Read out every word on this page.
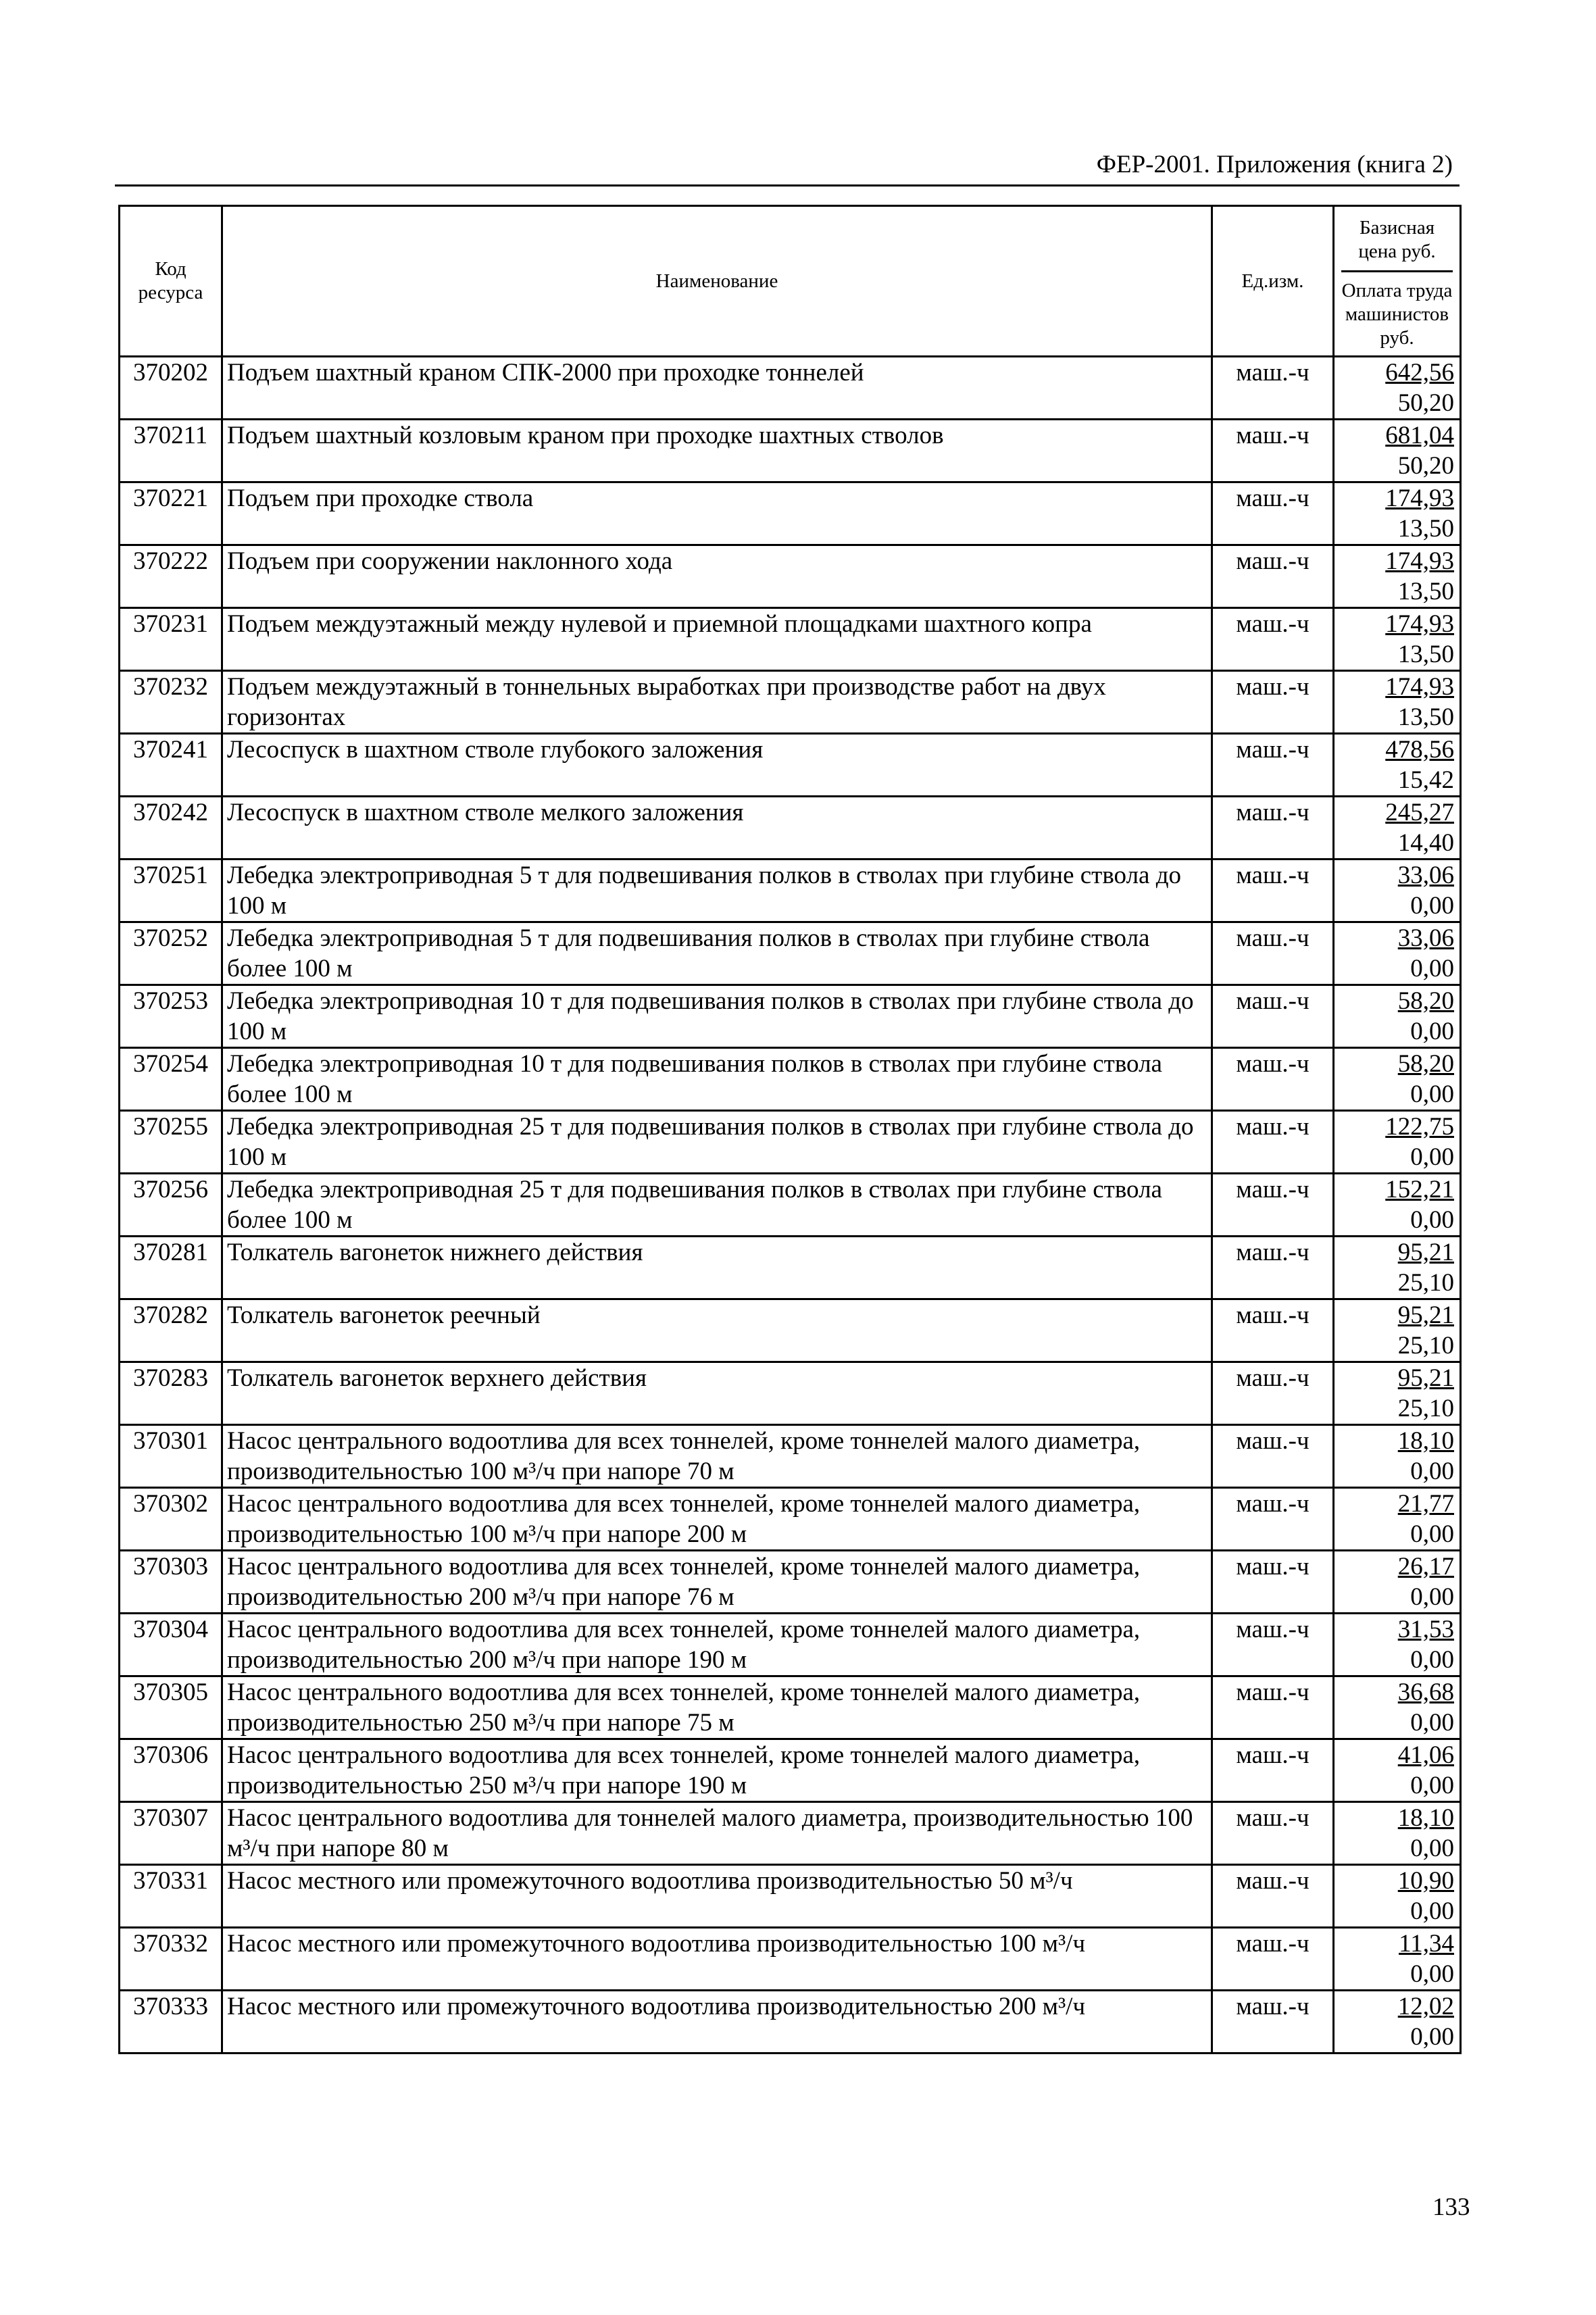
ФЕР-2001. Приложения (книга 2)
Код ресурса	Наименование	Ед.изм.	Базисная цена руб.
Оплата труда машинистов руб.

370202	Подъем шахтный краном СПК-2000 при проходке тоннелей	маш.-ч	642,56
50,20

370211	Подъем шахтный козловым краном при проходке шахтных стволов	маш.-ч	681,04
50,20

370221	Подъем при проходке ствола	маш.-ч	174,93
13,50

370222	Подъем при сооружении наклонного хода	маш.-ч	174,93
13,50

370231	Подъем междуэтажный между нулевой и приемной площадками шахтного копра	маш.-ч	174,93
13,50

370232	Подъем междуэтажный в тоннельных выработках при производстве работ на двух горизонтах	маш.-ч	174,93
13,50

370241	Лесоспуск в шахтном стволе глубокого заложения	маш.-ч	478,56
15,42

370242	Лесоспуск в шахтном стволе мелкого заложения	маш.-ч	245,27
14,40

370251	Лебедка электроприводная 5 т для подвешивания полков в стволах при глубине ствола до 100 м	маш.-ч	33,06
0,00

370252	Лебедка электроприводная 5 т для подвешивания полков в стволах при глубине ствола более 100 м	маш.-ч	33,06
0,00

370253	Лебедка электроприводная 10 т для подвешивания полков в стволах при глубине ствола до 100 м	маш.-ч	58,20
0,00

370254	Лебедка электроприводная 10 т для подвешивания полков в стволах при глубине ствола более 100 м	маш.-ч	58,20
0,00

370255	Лебедка электроприводная 25 т для подвешивания полков в стволах при глубине ствола до 100 м	маш.-ч	122,75
0,00

370256	Лебедка электроприводная 25 т для подвешивания полков в стволах при глубине ствола более 100 м	маш.-ч	152,21
0,00

370281	Толкатель вагонеток нижнего действия	маш.-ч	95,21
25,10

370282	Толкатель вагонеток реечный	маш.-ч	95,21
25,10

370283	Толкатель вагонеток верхнего действия	маш.-ч	95,21
25,10

370301	Насос центрального водоотлива для всех тоннелей, кроме тоннелей малого диаметра, производительностью 100 м³/ч при напоре 70 м	маш.-ч	18,10
0,00

370302	Насос центрального водоотлива для всех тоннелей, кроме тоннелей малого диаметра, производительностью 100 м³/ч при напоре 200 м	маш.-ч	21,77
0,00

370303	Насос центрального водоотлива для всех тоннелей, кроме тоннелей малого диаметра, производительностью 200 м³/ч при напоре 76 м	маш.-ч	26,17
0,00

370304	Насос центрального водоотлива для всех тоннелей, кроме тоннелей малого диаметра, производительностью 200 м³/ч при напоре 190 м	маш.-ч	31,53
0,00

370305	Насос центрального водоотлива для всех тоннелей, кроме тоннелей малого диаметра, производительностью 250 м³/ч при напоре 75 м	маш.-ч	36,68
0,00

370306	Насос центрального водоотлива для всех тоннелей, кроме тоннелей малого диаметра, производительностью 250 м³/ч при напоре 190 м	маш.-ч	41,06
0,00

370307	Насос центрального водоотлива для тоннелей малого диаметра, производительностью 100 м³/ч при напоре 80 м	маш.-ч	18,10
0,00

370331	Насос местного или промежуточного водоотлива производительностью 50 м³/ч	маш.-ч	10,90
0,00

370332	Насос местного или промежуточного водоотлива производительностью 100 м³/ч	маш.-ч	11,34
0,00

370333	Насос местного или промежуточного водоотлива производительностью 200 м³/ч	маш.-ч	12,02
0,00
133
